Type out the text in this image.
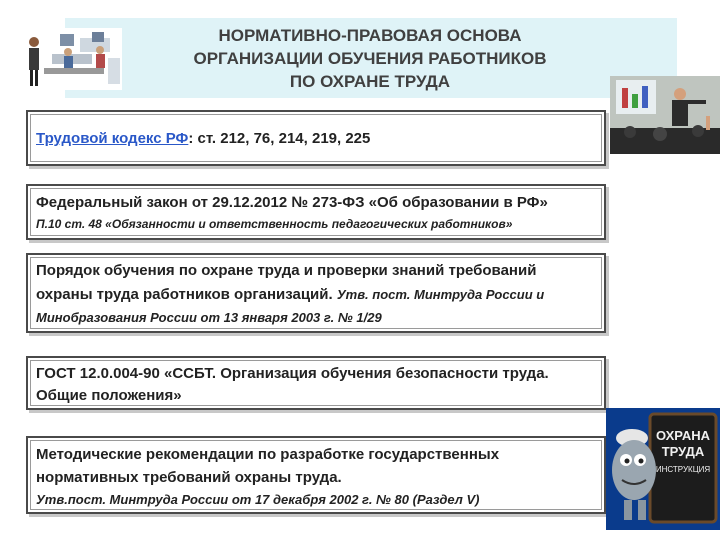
НОРМАТИВНО-ПРАВОВАЯ ОСНОВА
ОРГАНИЗАЦИИ ОБУЧЕНИЯ РАБОТНИКОВ
ПО ОХРАНЕ ТРУДА
Трудовой кодекс РФ: ст. 212, 76, 214, 219, 225
Федеральный закон от 29.12.2012 № 273-ФЗ «Об образовании в РФ»
П.10 ст. 48 «Обязанности и ответственность педагогических работников»
Порядок обучения по охране труда и проверки знаний требований
охраны труда работников организаций. Утв. пост. Минтруда России и
Минобразования России от 13 января 2003 г. № 1/29
ГОСТ 12.0.004-90 «ССБТ. Организация обучения безопасности труда.
Общие положения»
Методические рекомендации по разработке государственных
нормативных требований охраны труда.
Утв.пост. Минтруда России от 17 декабря 2002 г. № 80 (Раздел V)
ОХРАНА
ТРУДА
ИНСТРУКЦИЯ
